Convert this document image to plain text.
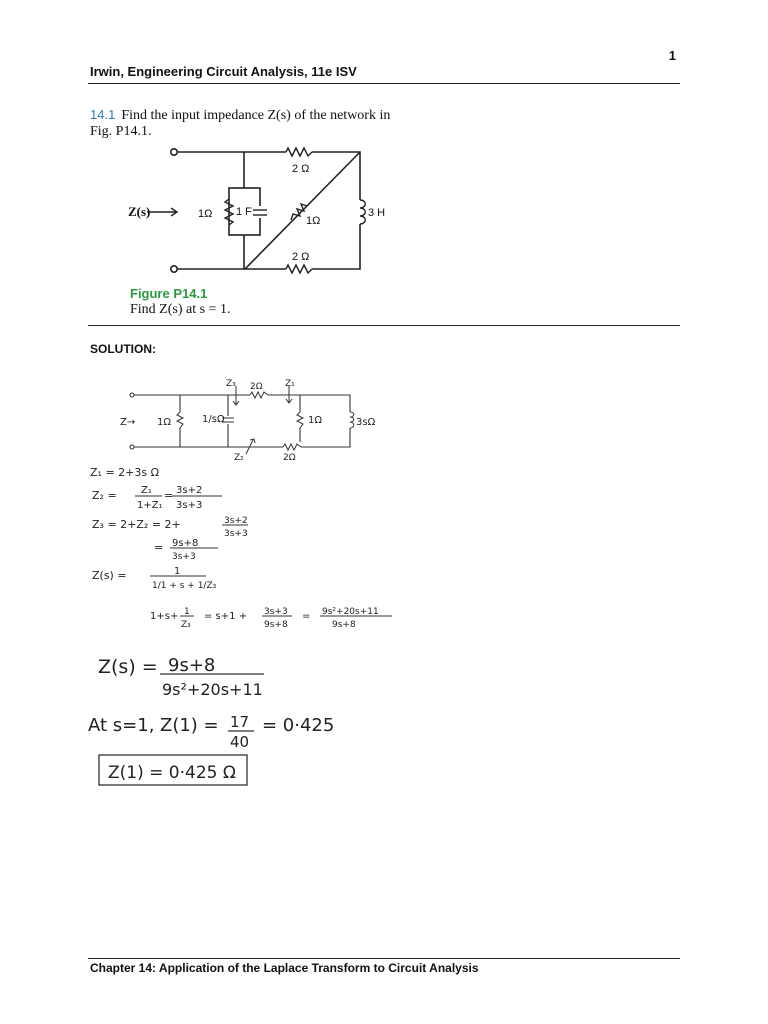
1
Irwin, Engineering Circuit Analysis, 11e ISV
14.1 Find the input impedance Z(s) of the network in Fig. P14.1.
Z(s)
2 Ω
1Ω 1 F
1Ω
3 H
2 Ω
Figure P14.1
Find Z(s) at s = 1.
SOLUTION:
Z₃	Z₁
Z₂
Z→ 1Ω	1/sΩ
2Ω
1Ω	3sΩ
2Ω
Z₁ = 2+3s Ω
Z₂ = Z₁
1+Z₁
= 3s+2
3s+3
Z₃ = 2+Z₂ = 2+	3s+2
3s+3
= 9s+8
3s+3
Z(s) =	1
1/1 + s + 1/Z₃
1+s+ 1
Z₃
= s+1 + 3s+3
9s+8
= 9s²+20s+11
9s+8
Z(s) = 9s+8
9s²+20s+11
At s=1, Z(1) = 17
40
= 0·425
Z(1) = 0·425 Ω
Chapter 14: Application of the Laplace Transform to Circuit Analysis
